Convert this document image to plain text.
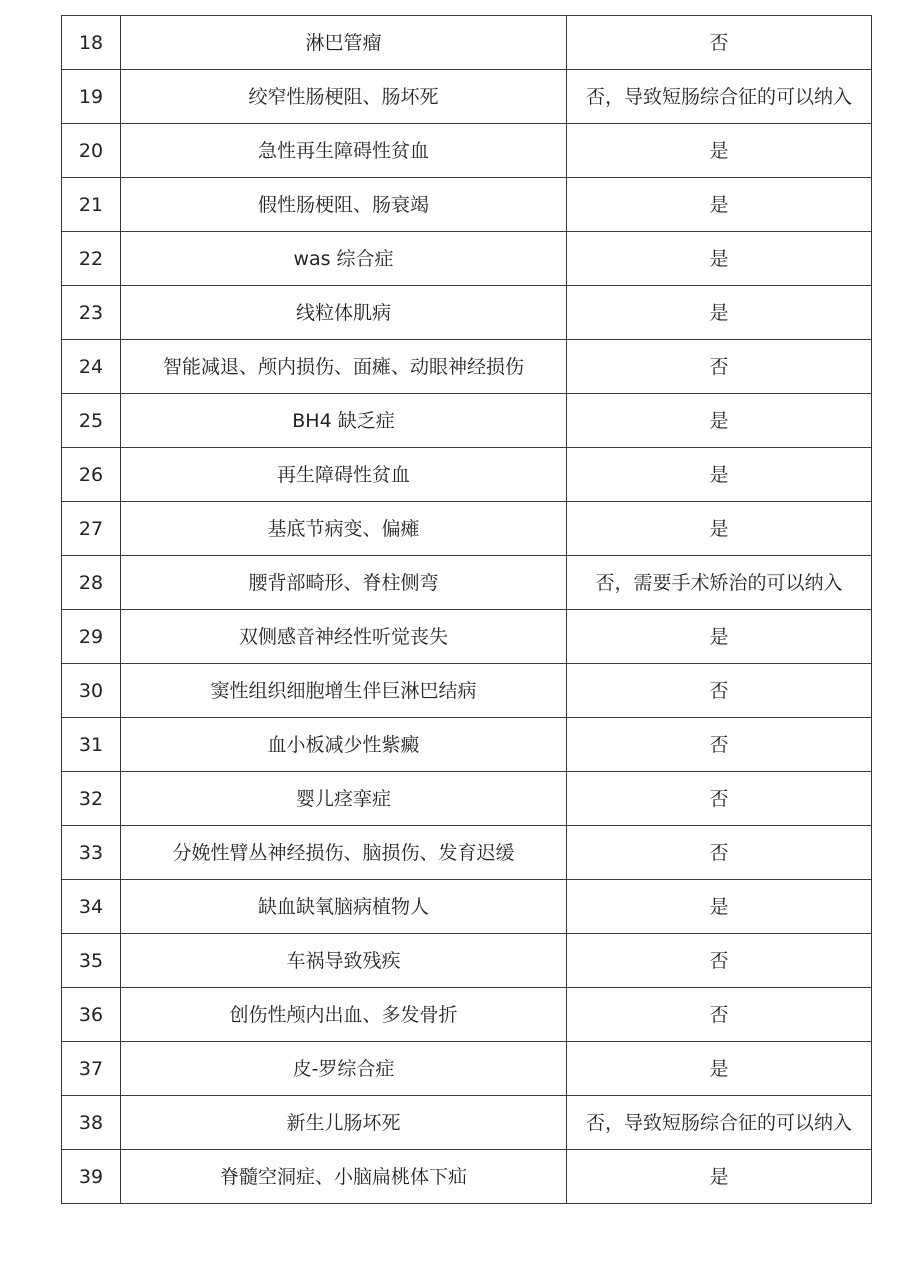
18	淋巴管瘤	否
19	绞窄性肠梗阻、肠坏死	否，导致短肠综合征的可以纳入
20	急性再生障碍性贫血	是
21	假性肠梗阻、肠衰竭	是
22	was 综合症	是
23	线粒体肌病	是
24	智能减退、颅内损伤、面瘫、动眼神经损伤	否
25	BH4 缺乏症	是
26	再生障碍性贫血	是
27	基底节病变、偏瘫	是
28	腰背部畸形、脊柱侧弯	否，需要手术矫治的可以纳入
29	双侧感音神经性听觉丧失	是
30	窦性组织细胞增生伴巨淋巴结病	否
31	血小板减少性紫癜	否
32	婴儿痉挛症	否
33	分娩性臂丛神经损伤、脑损伤、发育迟缓	否
34	缺血缺氧脑病植物人	是
35	车祸导致残疾	否
36	创伤性颅内出血、多发骨折	否
37	皮-罗综合症	是
38	新生儿肠坏死	否，导致短肠综合征的可以纳入
39	脊髓空洞症、小脑扁桃体下疝	是
